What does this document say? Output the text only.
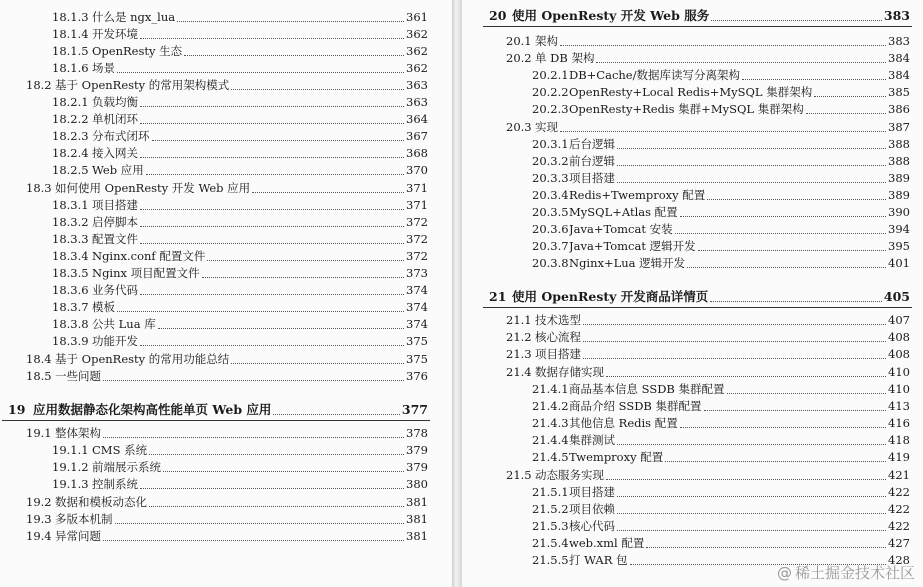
18.1.3 什么是 ngx_lua	361
18.1.4 开发环境	362
18.1.5 OpenResty 生态	362
18.1.6 场景	362
18.2 基于 OpenResty 的常用架构模式	363
18.2.1 负载均衡	363
18.2.2 单机闭环	364
18.2.3 分布式闭环	367
18.2.4 接入网关	368
18.2.5 Web 应用	370
18.3 如何使用 OpenResty 开发 Web 应用	371
18.3.1 项目搭建	371
18.3.2 启停脚本	372
18.3.3 配置文件	372
18.3.4 Nginx.conf 配置文件	372
18.3.5 Nginx 项目配置文件	373
18.3.6 业务代码	374
18.3.7 模板	374
18.3.8 公共 Lua 库	374
18.3.9 功能开发	375
18.4 基于 OpenResty 的常用功能总结	375
18.5 一些问题	376
19 应用数据静态化架构高性能单页 Web 应用	377
19.1 整体架构	378
19.1.1 CMS 系统	379
19.1.2 前端展示系统	379
19.1.3 控制系统	380
19.2 数据和模板动态化	381
19.3 多版本机制	381
19.4 异常问题	381
20 使用 OpenResty 开发 Web 服务	383
20.1 架构	383
20.2 单 DB 架构	384
20.2.1 DB+Cache/数据库读写分离架构	384
20.2.2 OpenResty+Local Redis+MySQL 集群架构	385
20.2.3 OpenResty+Redis 集群+MySQL 集群架构	386
20.3 实现	387
20.3.1 后台逻辑	388
20.3.2 前台逻辑	388
20.3.3 项目搭建	389
20.3.4 Redis+Twemproxy 配置	389
20.3.5 MySQL+Atlas 配置	390
20.3.6 Java+Tomcat 安装	394
20.3.7 Java+Tomcat 逻辑开发	395
20.3.8 Nginx+Lua 逻辑开发	401
21 使用 OpenResty 开发商品详情页	405
21.1 技术选型	407
21.2 核心流程	408
21.3 项目搭建	408
21.4 数据存储实现	410
21.4.1 商品基本信息 SSDB 集群配置	410
21.4.2 商品介绍 SSDB 集群配置	413
21.4.3 其他信息 Redis 配置	416
21.4.4 集群测试	418
21.4.5 Twemproxy 配置	419
21.5 动态服务实现	421
21.5.1 项目搭建	422
21.5.2 项目依赖	422
21.5.3 核心代码	422
21.5.4 web.xml 配置	427
21.5.5 打 WAR 包	428
@ 稀土掘金技术社区
